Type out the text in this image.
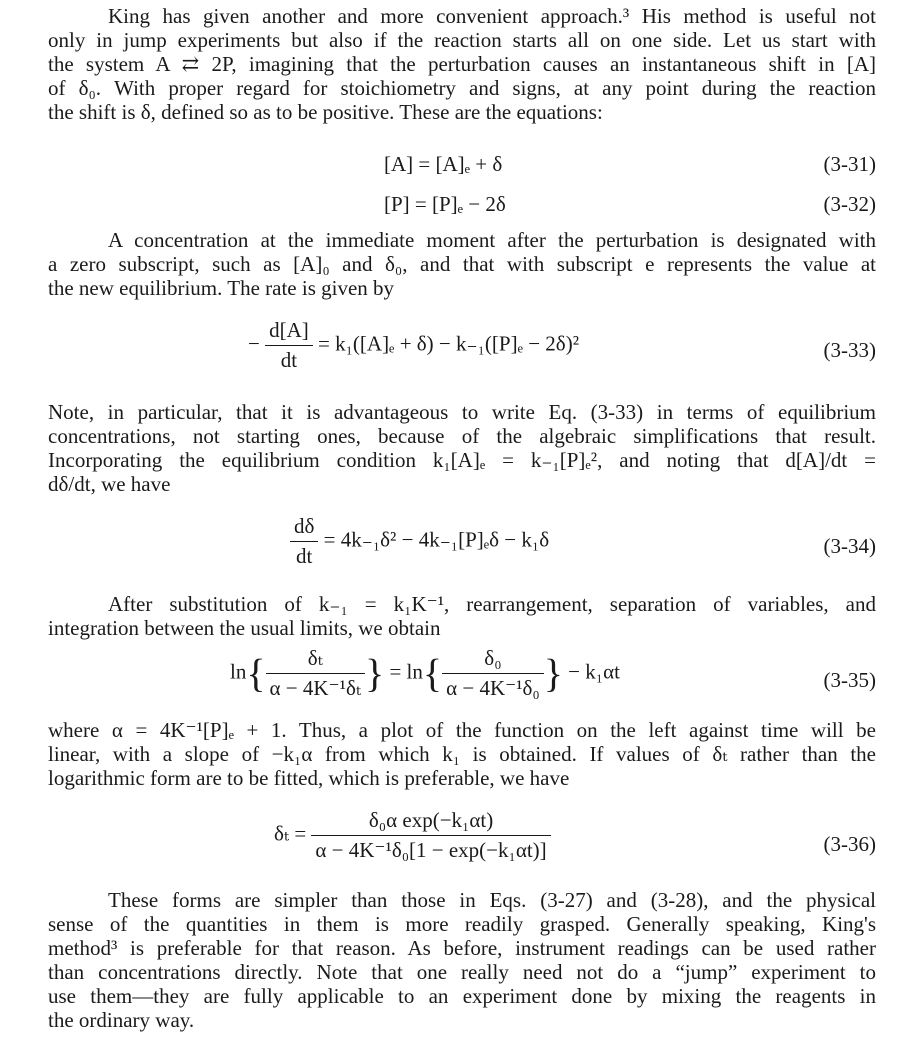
King has given another and more convenient approach.³ His method is useful not
only in jump experiments but also if the reaction starts all on one side. Let us start with
the system A ⇄ 2P, imagining that the perturbation causes an instantaneous shift in [A]
of δ₀. With proper regard for stoichiometry and signs, at any point during the reaction
the shift is δ, defined so as to be positive. These are the equations:
[A] = [A]ₑ + δ	(3-31)
[P] = [P]ₑ − 2δ	(3-32)
A concentration at the immediate moment after the perturbation is designated with
a zero subscript, such as [A]₀ and δ₀, and that with subscript e represents the value at
the new equilibrium. The rate is given by
− $\frac{d[A]}{dt} = k_1([A]_e + \delta) - k_{-1}([P]_e - 2\delta)^2$	(3-33)
Note, in particular, that it is advantageous to write Eq. (3-33) in terms of equilibrium
concentrations, not starting ones, because of the algebraic simplifications that result.
Incorporating the equilibrium condition k₁[A]ₑ = k₋₁[P]ₑ², and noting that d[A]/dt =
dδ/dt, we have
$\frac{d\delta}{dt} = 4k_{-1}\delta^2 - 4k_{-1}[P]_e\delta - k_1\delta$	(3-34)
After substitution of k₋₁ = k₁K⁻¹, rearrangement, separation of variables, and
integration between the usual limits, we obtain
$\ln\{ \frac{\text{δₜ}}{\text{α − 4K⁻¹δₜ}}$ } = $\ln\{ \frac{\text{δ₀}}{\text{α − 4K⁻¹δ₀}}$ } − k₁αt	(3-35)
where α = 4K⁻¹[P]ₑ + 1. Thus, a plot of the function on the left against time will be
linear, with a slope of −k₁α from which k₁ is obtained. If values of δₜ rather than the
logarithmic form are to be fitted, which is preferable, we have
$\delta_t = \frac{\text{δ₀α exp(−k₁αt)}}{\text{α − 4K⁻¹δ₀[1 − exp(−k₁αt)]}}$	(3-36)
These forms are simpler than those in Eqs. (3-27) and (3-28), and the physical
sense of the quantities in them is more readily grasped. Generally speaking, King's
method³ is preferable for that reason. As before, instrument readings can be used rather
than concentrations directly. Note that one really need not do a “jump” experiment to
use them—they are fully applicable to an experiment done by mixing the reagents in
the ordinary way.
